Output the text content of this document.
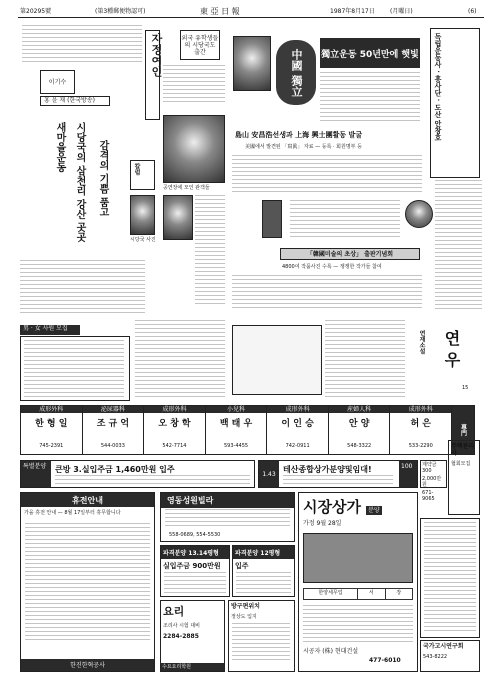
第20295號	(第3種郵便物認可)	東 亞 日 報	1987年8月17日	(月曜日)	(6)
자정여인
이기수
홍 윤 재 (한국방송)
새마을운동 시당국의 삼천리 강산 곳곳 감격의 기쁨 품고
외국 유학생들의 시당국도 출간
공연장에 모인 관객들
시당국 사진
칼럼
中國 獨立 獨立운동 50년만에 햇빛
島山 安昌浩선생과 上海 興士團활동 발굴
美國에서 발견된 「寫眞」 자료 — 등록 · 회원명부 등
독립운동사 · 흥사단 · 도산 안창호
「韓國미술의 초상」 출판기념회
4800여 작품사진 수록 — 쟁쟁한 작가들 참여
男 · 女 사원 모집
연 우
15
연재소설
成形外科
한 형 일
745-2391
泌尿器科
조 규 억
544-0033
成形外科
오 창 학
542-7714
小兒科
백 태 우
593-4455
成形外科
이 인 승
742-0911
産婦人科
안 양
548-3322
成形外科
허 은
533-2290
專門
특별분양	큰방 3.실입주금 1,460만원 입주	1.43 테산종합상가분양및임대!	100	계약금 300
2,000만원
671-9065
주택관리사
협회모집
휴전안내
가을 휴전 안내 — 8월 17일부터 휴무합니다
한진한혁공사
영동성원빌라
558-0689, 554-5530
파격분양 13.14평형
실입주금 900만원
파격분양 12평형
입주
요리
조리사 시험 대비
2284-2885
수요요리학원
방구편위치
정상도 입지
시장상가 분양
가정 9월 28일
한양세무업	서	장
시공자 (株) 현대건설
477-6010
국가고시연구회
543-8222
